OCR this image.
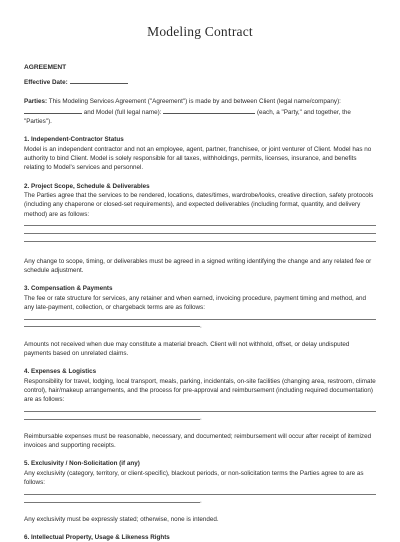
Modeling Contract

AGREEMENT

Effective Date:

Parties: This Modeling Services Agreement ("Agreement") is made by and between Client (legal name/company):  and Model (full legal name):	(each, a "Party," and together, the "Parties").

1. Independent-Contractor Status

Model is an independent contractor and not an employee, agent, partner, franchisee, or joint venturer of Client. Model has no authority to bind Client. Model is solely responsible for all taxes, withholdings, permits, licenses, insurance, and benefits relating to Model's services and personnel.

2. Project Scope, Schedule & Deliverables

The Parties agree that the services to be rendered, locations, dates/times, wardrobe/looks, creative direction, safety protocols (including any chaperone or closed-set requirements), and expected deliverables (including format, quantity, and delivery method) are as follows:

Any change to scope, timing, or deliverables must be agreed in a signed writing identifying the change and any related fee or schedule adjustment.

3. Compensation & Payments

The fee or rate structure for services, any retainer and when earned, invoicing procedure, payment timing and method, and any late-payment, collection, or chargeback terms are as follows:

.

Amounts not received when due may constitute a material breach. Client will not withhold, offset, or delay undisputed payments based on unrelated claims.

4. Expenses & Logistics

Responsibility for travel, lodging, local transport, meals, parking, incidentals, on-site facilities (changing area, restroom, climate control), hair/makeup arrangements, and the process for pre-approval and reimbursement (including required documentation) are as follows:

.

Reimbursable expenses must be reasonable, necessary, and documented; reimbursement will occur after receipt of itemized invoices and supporting receipts.

5. Exclusivity / Non-Solicitation (if any)

Any exclusivity (category, territory, or client-specific), blackout periods, or non-solicitation terms the Parties agree to are as follows:

.

Any exclusivity must be expressly stated; otherwise, none is intended.

6. Intellectual Property, Usage & Likeness Rights
